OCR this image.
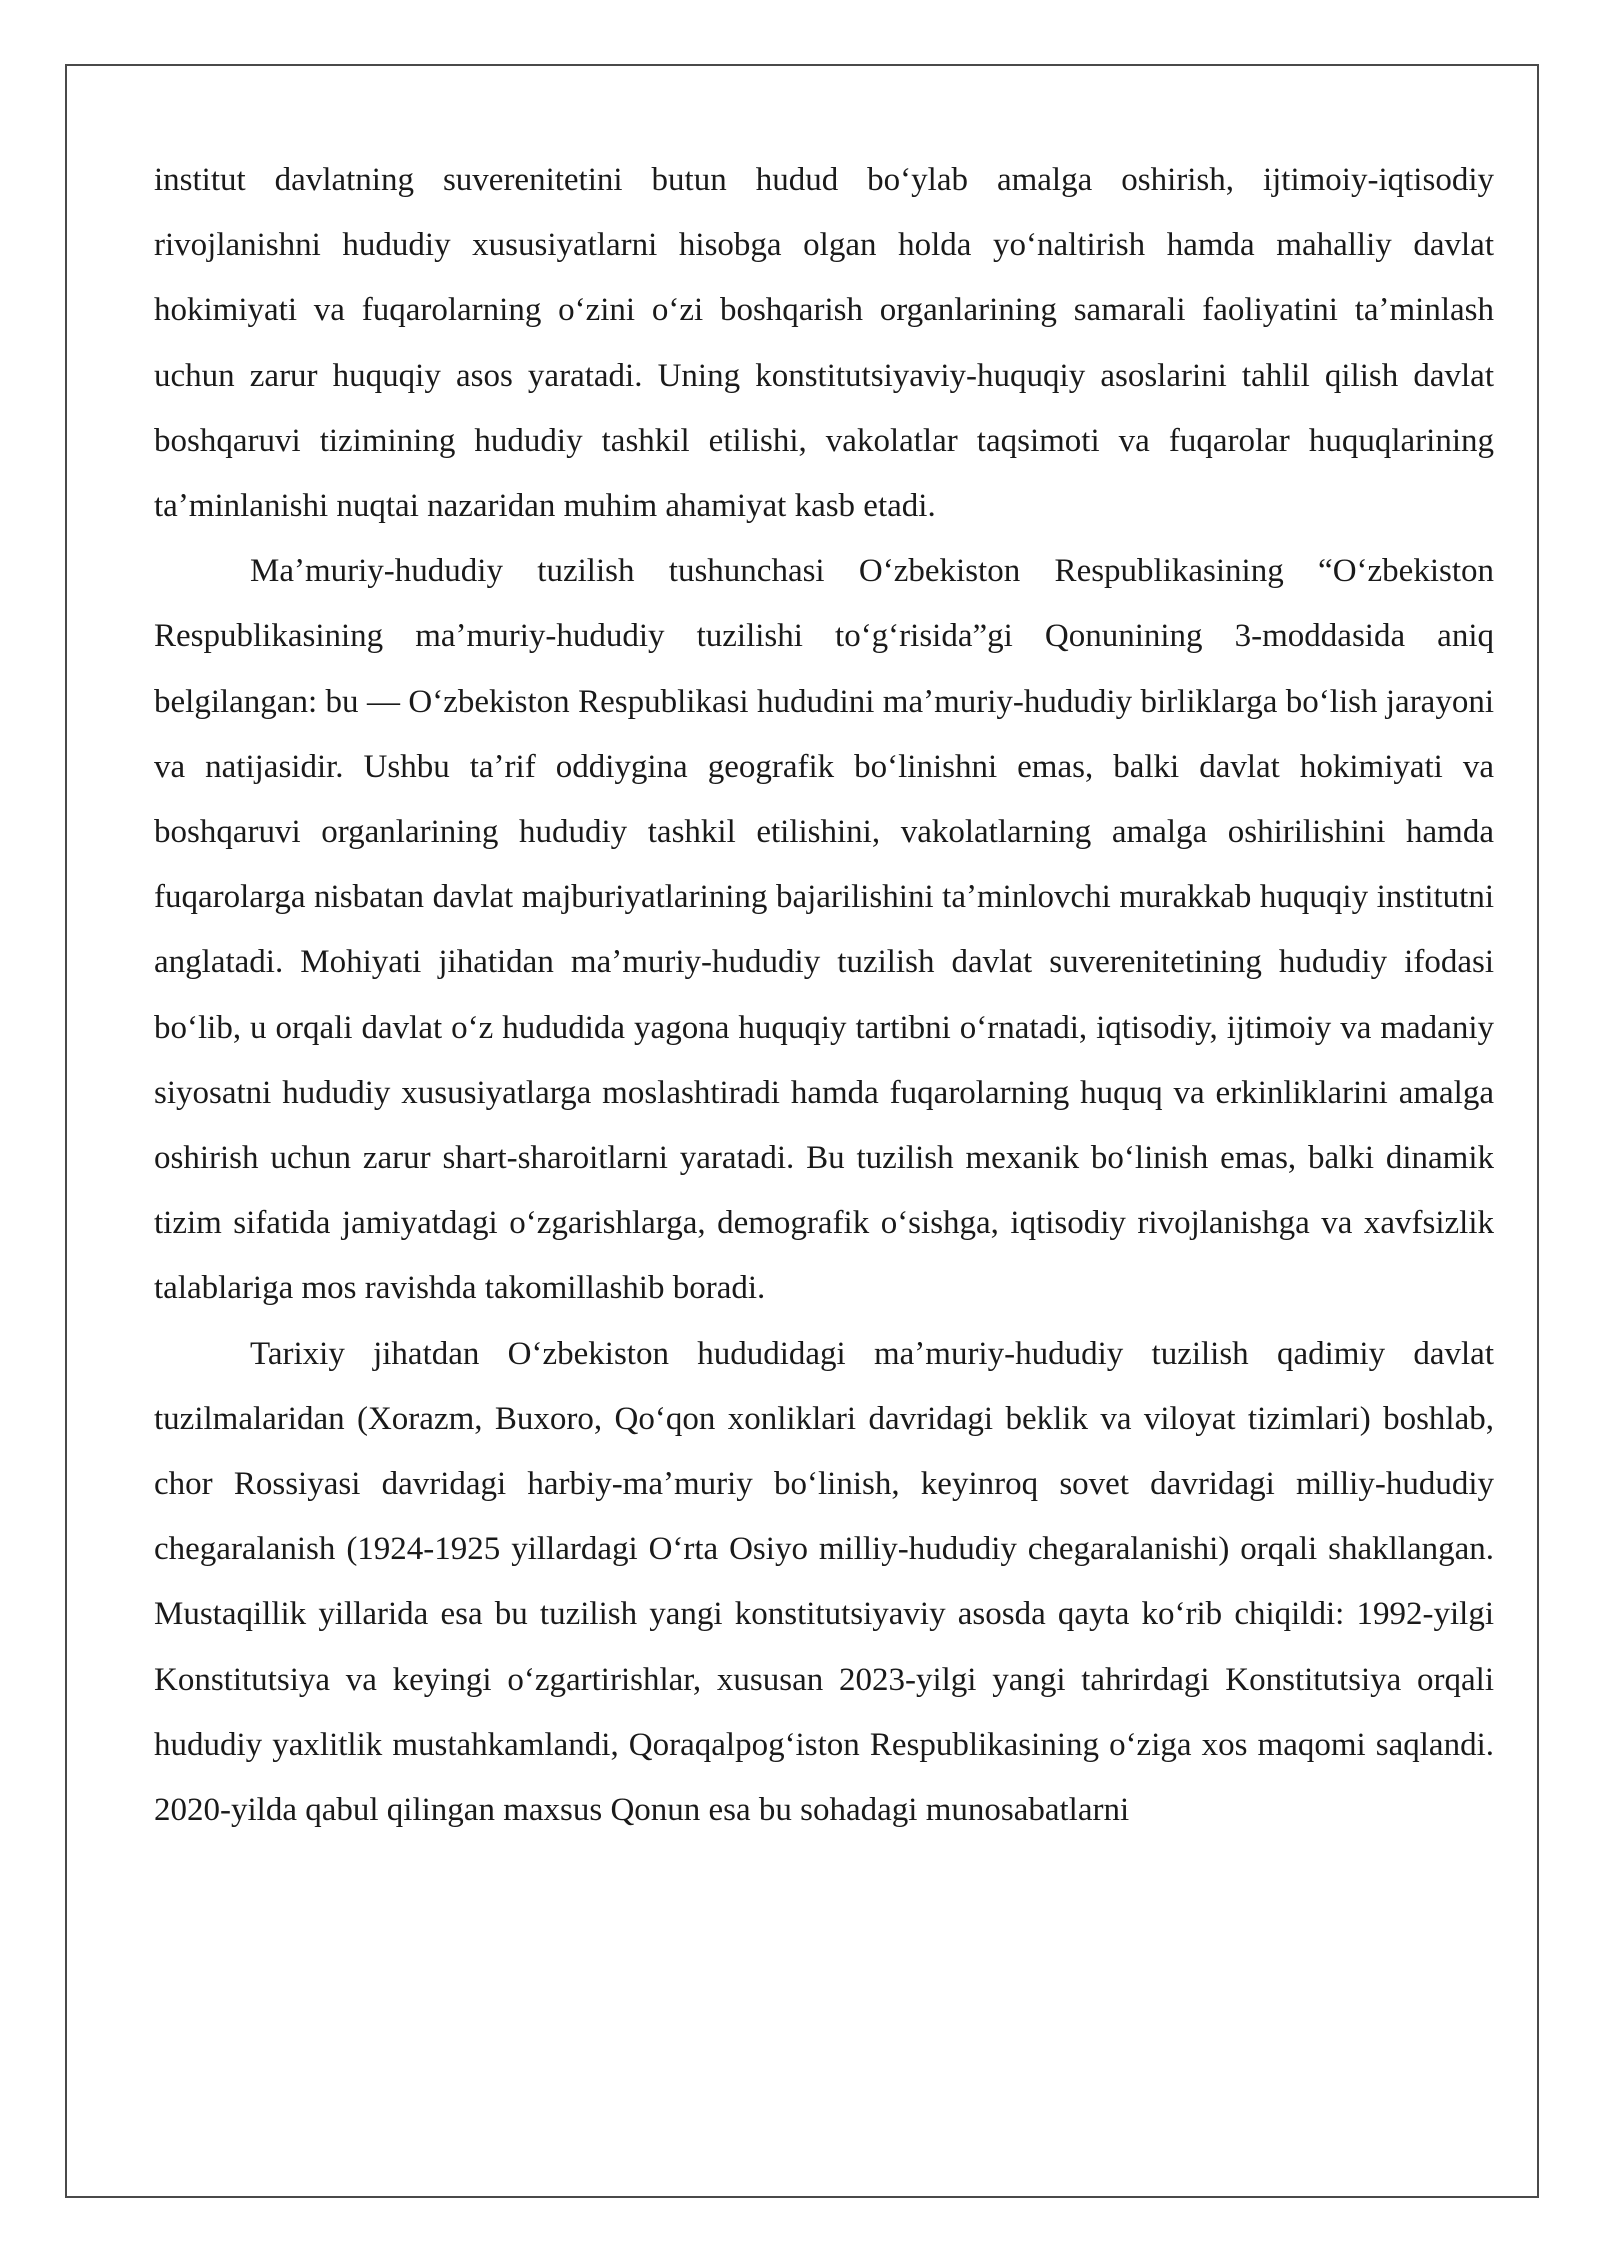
institut davlatning suverenitetini butun hudud boʻylab amalga oshirish, ijtimoiy-iqtisodiy rivojlanishni hududiy xususiyatlarni hisobga olgan holda yoʻnaltirish hamda mahalliy davlat hokimiyati va fuqarolarning oʻzini oʻzi boshqarish organlarining samarali faoliyatini taʼminlash uchun zarur huquqiy asos yaratadi. Uning konstitutsiyaviy-huquqiy asoslarini tahlil qilish davlat boshqaruvi tizimining hududiy tashkil etilishi, vakolatlar taqsimoti va fuqarolar huquqlarining taʼminlanishi nuqtai nazaridan muhim ahamiyat kasb etadi.

Maʼmuriy-hududiy tuzilish tushunchasi Oʻzbekiston Respublikasining “Oʻzbekiston Respublikasining maʼmuriy-hududiy tuzilishi toʻgʻrisida”gi Qonunining 3-moddasida aniq belgilangan: bu — Oʻzbekiston Respublikasi hududini maʼmuriy-hududiy birliklarga boʻlish jarayoni va natijasidir. Ushbu taʼrif oddiygina geografik boʻlinishni emas, balki davlat hokimiyati va boshqaruvi organlarining hududiy tashkil etilishini, vakolatlarning amalga oshirilishini hamda fuqarolarga nisbatan davlat majburiyatlarining bajarilishini taʼminlovchi murakkab huquqiy institutni anglatadi. Mohiyati jihatidan maʼmuriy-hududiy tuzilish davlat suverenitetining hududiy ifodasi boʻlib, u orqali davlat oʻz hududida yagona huquqiy tartibni oʻrnatadi, iqtisodiy, ijtimoiy va madaniy siyosatni hududiy xususiyatlarga moslashtiradi hamda fuqarolarning huquq va erkinliklarini amalga oshirish uchun zarur shart-sharoitlarni yaratadi. Bu tuzilish mexanik boʻlinish emas, balki dinamik tizim sifatida jamiyatdagi oʻzgarishlarga, demografik oʻsishga, iqtisodiy rivojlanishga va xavfsizlik talablariga mos ravishda takomillashib boradi.

Tarixiy jihatdan Oʻzbekiston hududidagi maʼmuriy-hududiy tuzilish qadimiy davlat tuzilmalaridan (Xorazm, Buxoro, Qoʻqon xonliklari davridagi beklik va viloyat tizimlari) boshlab, chor Rossiyasi davridagi harbiy-maʼmuriy boʻlinish, keyinroq sovet davridagi milliy-hududiy chegaralanish (1924-1925 yillardagi Oʻrta Osiyo milliy-hududiy chegaralanishi) orqali shakllangan. Mustaqillik yillarida esa bu tuzilish yangi konstitutsiyaviy asosda qayta koʻrib chiqildi: 1992-yilgi Konstitutsiya va keyingi oʻzgartirishlar, xususan 2023-yilgi yangi tahrirdagi Konstitutsiya orqali hududiy yaxlitlik mustahkamlandi, Qoraqalpogʻiston Respublikasining oʻziga xos maqomi saqlandi. 2020-yilda qabul qilingan maxsus Qonun esa bu sohadagi munosabatlarni
